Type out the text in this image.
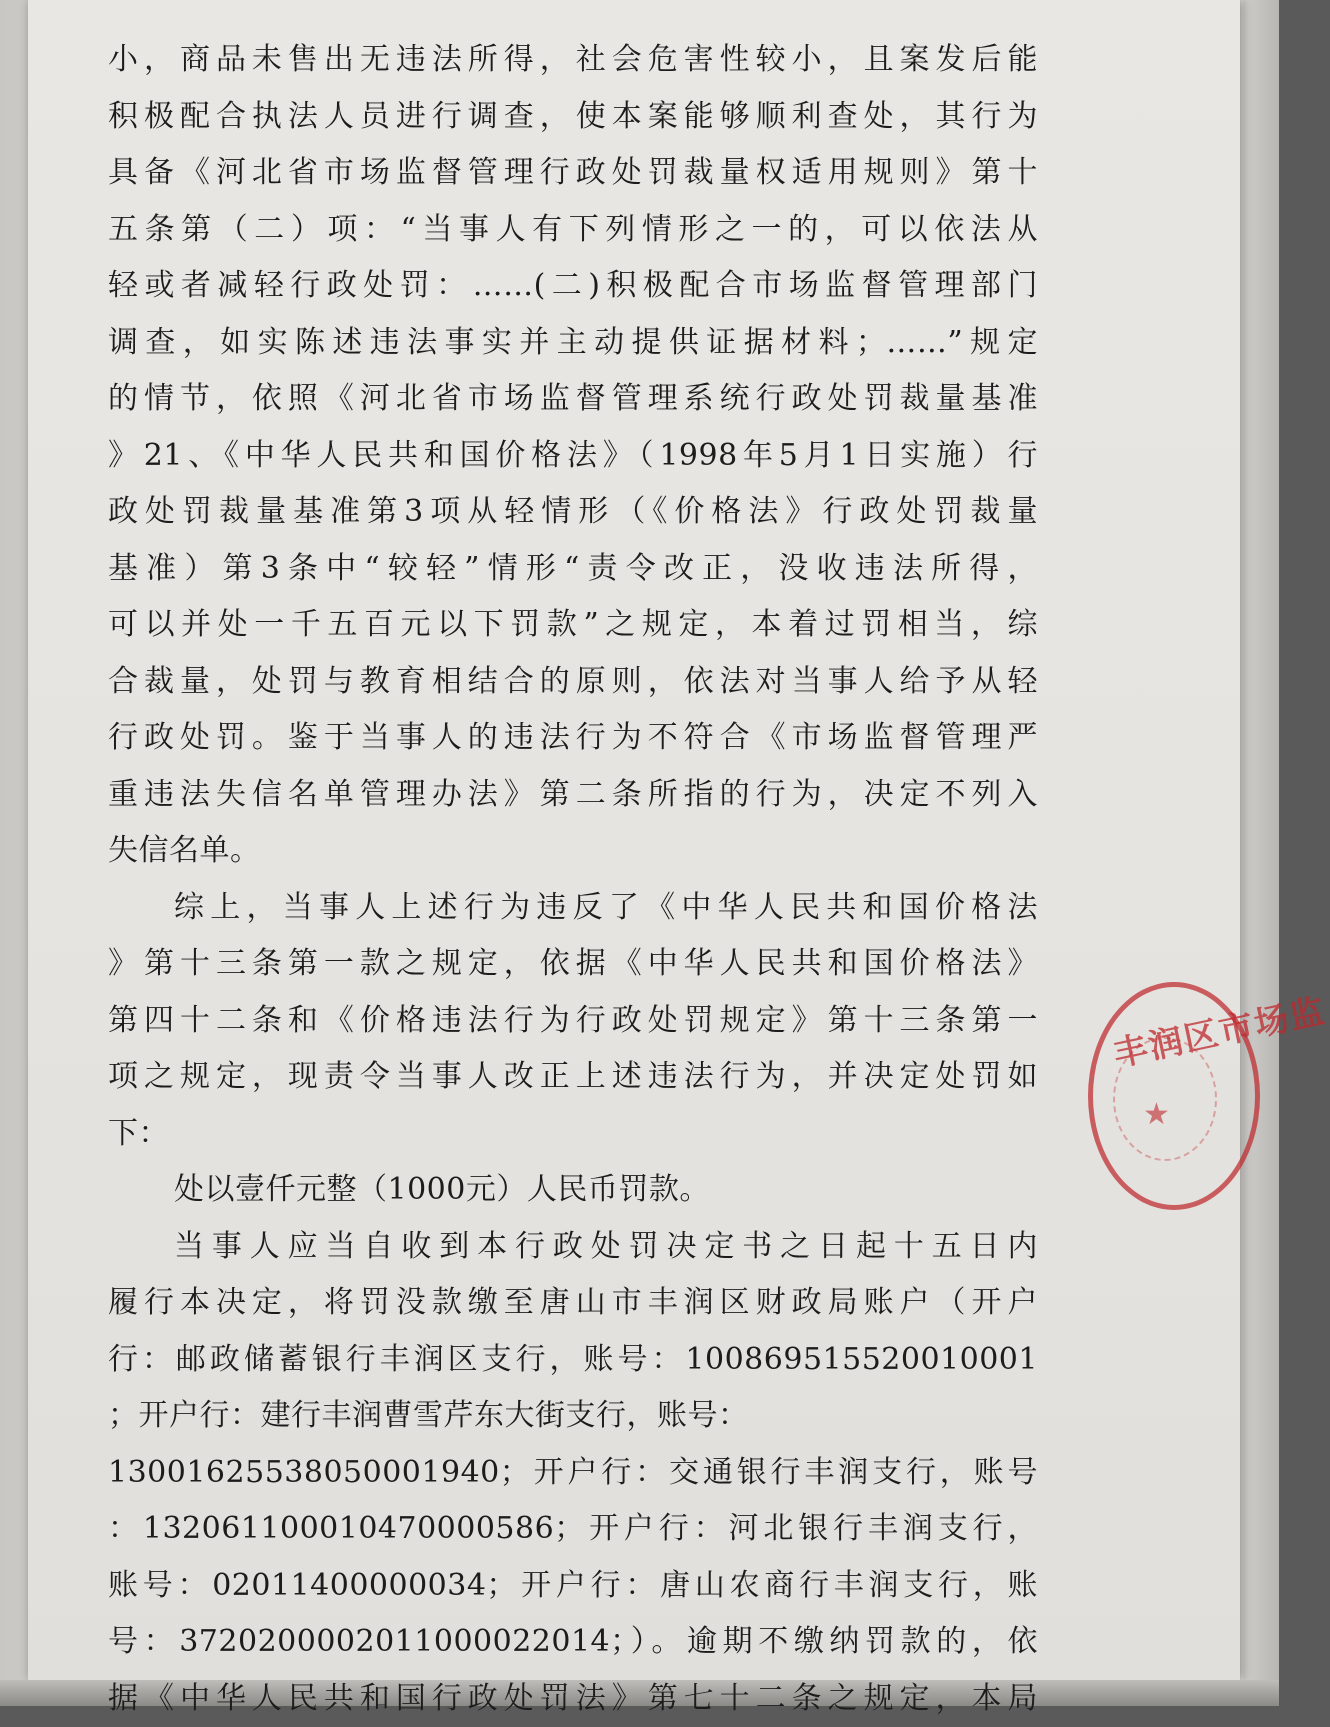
小，商品未售出无违法所得，社会危害性较小，且案发后能
积极配合执法人员进行调查，使本案能够顺利查处，其行为
具备《河北省市场监督管理行政处罚裁量权适用规则》第十
五条第（二）项：“当事人有下列情形之一的，可以依法从
轻或者减轻行政处罚：……(二)积极配合市场监督管理部门
调查，如实陈述违法事实并主动提供证据材料；……”规定
的情节，依照《河北省市场监督管理系统行政处罚裁量基准
》21、《中华人民共和国价格法》（1998年5月1日实施）行
政处罚裁量基准第3项从轻情形（《价格法》行政处罚裁量
基准）第3条中“较轻”情形“责令改正，没收违法所得，
可以并处一千五百元以下罚款”之规定，本着过罚相当，综
合裁量，处罚与教育相结合的原则，依法对当事人给予从轻
行政处罚。鉴于当事人的违法行为不符合《市场监督管理严
重违法失信名单管理办法》第二条所指的行为，决定不列入
失信名单。
综上，当事人上述行为违反了《中华人民共和国价格法
》第十三条第一款之规定，依据《中华人民共和国价格法》
第四十二条和《价格违法行为行政处罚规定》第十三条第一
项之规定，现责令当事人改正上述违法行为，并决定处罚如
下：
处以壹仟元整（1000元）人民币罚款。
当事人应当自收到本行政处罚决定书之日起十五日内
履行本决定，将罚没款缴至唐山市丰润区财政局账户（开户
行：邮政储蓄银行丰润区支行，账号：100869515520010001
；开户行：建行丰润曹雪芹东大街支行，账号：
13001625538050001940；开户行：交通银行丰润支行，账号
：13206110001047000058​6；开户行：河北银行丰润支行，
账号：02011400000034；开户行：唐山农商行丰润支行，账
号：37202000020110000220​14；）。逾期不缴纳罚款的，依
据《中华人民共和国行政处罚法》第七十二条之规定，本局
★
丰润区市场监
